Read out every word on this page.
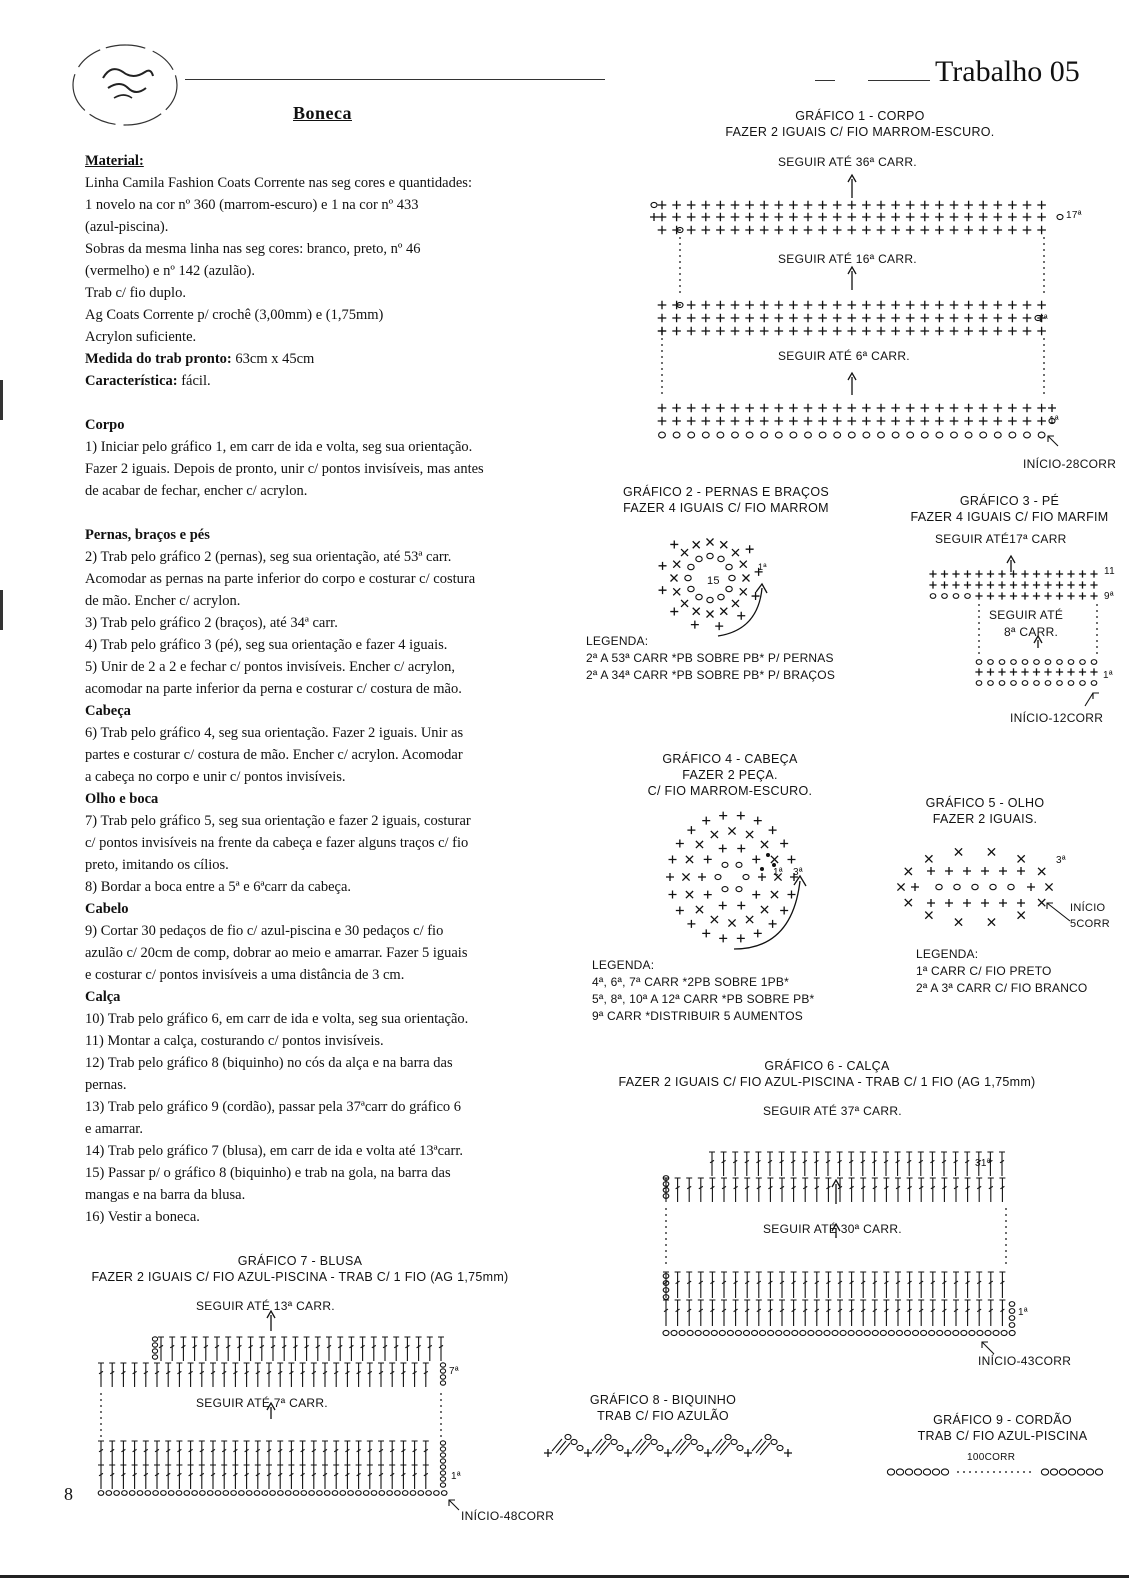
Trabalho 05
Boneca

Material:

Linha Camila Fashion Coats Corrente nas seg cores e quantidades:

1 novelo na cor nº 360 (marrom-escuro) e 1 na cor nº 433

(azul-piscina).

Sobras da mesma linha nas seg cores: branco, preto, nº 46

(vermelho) e nº 142 (azulão).

Trab c/ fio duplo.

Ag Coats Corrente p/ crochê (3,00mm) e (1,75mm)

Acrylon suficiente.

Medida do trab pronto: 63cm x 45cm

Característica: fácil.

Corpo

1) Iniciar pelo gráfico 1, em carr de ida e volta, seg sua orientação.

Fazer 2 iguais. Depois de pronto, unir c/ pontos invisíveis, mas antes

de acabar de fechar, encher c/ acrylon.

Pernas, braços e pés

2) Trab pelo gráfico 2 (pernas), seg sua orientação, até 53ª carr.

Acomodar as pernas na parte inferior do corpo e costurar c/ costura

de mão. Encher c/ acrylon.

3) Trab pelo gráfico 2 (braços), até 34ª carr.

4) Trab pelo gráfico 3 (pé), seg sua orientação e fazer 4 iguais.

5) Unir de 2 a 2 e fechar c/ pontos invisíveis. Encher c/ acrylon,

acomodar na parte inferior da perna e costurar c/ costura de mão.

Cabeça

6) Trab pelo gráfico 4, seg sua orientação. Fazer 2 iguais. Unir as

partes e costurar c/ costura de mão. Encher c/ acrylon. Acomodar

a cabeça no corpo e unir c/ pontos invisíveis.

Olho e boca

7) Trab pelo gráfico 5, seg sua orientação e fazer 2 iguais, costurar

c/ pontos invisíveis na frente da cabeça e fazer alguns traços c/ fio

preto, imitando os cílios.

8) Bordar a boca entre a 5ª e 6ªcarr da cabeça.

Cabelo

9) Cortar 30 pedaços de fio c/ azul-piscina e 30 pedaços c/ fio

azulão c/ 20cm de comp, dobrar ao meio e amarrar. Fazer 5 iguais

e costurar c/ pontos invisíveis a uma distância de 3 cm.

Calça

10) Trab pelo gráfico 6, em carr de ida e volta, seg sua orientação.

11) Montar a calça, costurando c/ pontos invisíveis.

12) Trab pelo gráfico 8 (biquinho) no cós da alça e na barra das

pernas.

13) Trab pelo gráfico 9 (cordão), passar pela 37ªcarr do gráfico 6

e amarrar.

14) Trab pelo gráfico 7 (blusa), em carr de ida e volta até 13ªcarr.

15) Passar p/ o gráfico 8 (biquinho) e trab na gola, na barra das

mangas e na barra da blusa.

16) Vestir a boneca.

GRÁFICO 1 - CORPO
FAZER 2 IGUAIS C/ FIO MARROM-ESCURO.
SEGUIR ATÉ 36ª CARR.
SEGUIR ATÉ 16ª CARR.
SEGUIR ATÉ 6ª CARR.
17ª
7ª
1ª
INÍCIO-28CORR
GRÁFICO 2 - PERNAS E BRAÇOS
FAZER 4 IGUAIS C/ FIO MARROM
15
1ª
LEGENDA:
2ª A 53ª CARR *PB SOBRE PB* P/ PERNAS
2ª A 34ª CARR *PB SOBRE PB* P/ BRAÇOS
GRÁFICO 3 - PÉ
FAZER 4 IGUAIS C/ FIO MARFIM
SEGUIR ATÉ17ª CARR
SEGUIR ATÉ
8ª CARR.
11
9ª
1ª
INÍCIO-12CORR
GRÁFICO 4 - CABEÇA
FAZER 2 PEÇA.
C/ FIO MARROM-ESCURO.
1ª 3ª
LEGENDA:
4ª, 6ª, 7ª CARR *2PB SOBRE 1PB*
5ª, 8ª, 10ª A 12ª CARR *PB SOBRE PB*
9ª CARR *DISTRIBUIR 5 AUMENTOS
GRÁFICO 5 - OLHO
FAZER 2 IGUAIS.
3ª
INÍCIO
5CORR
LEGENDA:
1ª CARR C/ FIO PRETO
2ª A 3ª CARR C/ FIO BRANCO
GRÁFICO 6 - CALÇA
FAZER 2 IGUAIS C/ FIO AZUL-PISCINA - TRAB C/ 1 FIO (AG 1,75mm)
SEGUIR ATÉ 37ª CARR.
SEGUIR ATÉ 30ª CARR.
31ª
1ª
INÍCIO-43CORR
GRÁFICO 7 - BLUSA
FAZER 2 IGUAIS C/ FIO AZUL-PISCINA - TRAB C/ 1 FIO (AG 1,75mm)
SEGUIR ATÉ 13ª CARR.
SEGUIR ATÉ 7ª CARR.
7ª
1ª
INÍCIO-48CORR
8
GRÁFICO 8 - BIQUINHO
TRAB C/ FIO AZULÃO	GRÁFICO 9 - CORDÃO
TRAB C/ FIO AZUL-PISCINA
100CORR
